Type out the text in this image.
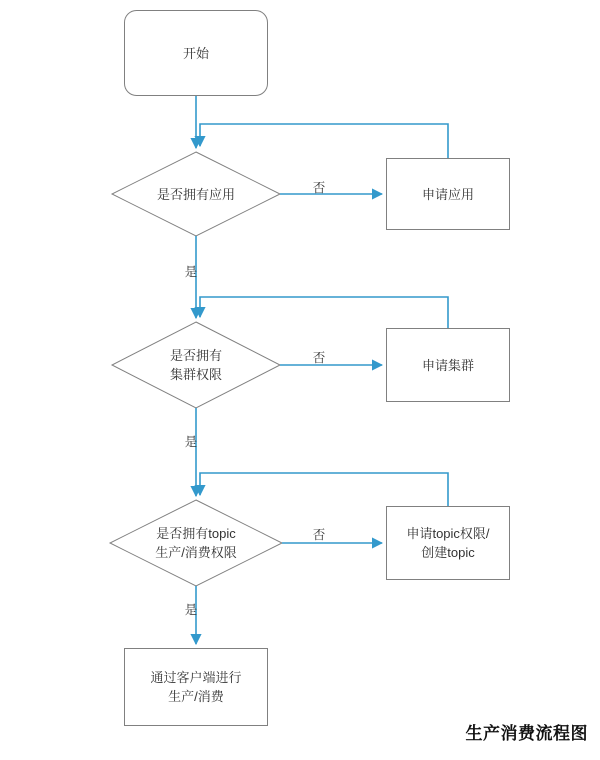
开始
是否拥有应用	申请应用
是否拥有
集群权限
申请集群
是否拥有topic
生产/消费权限
申请topic权限/
创建topic
通过客户端进行
生产/消费
否
是
否
是
否
是
生产消费流程图
